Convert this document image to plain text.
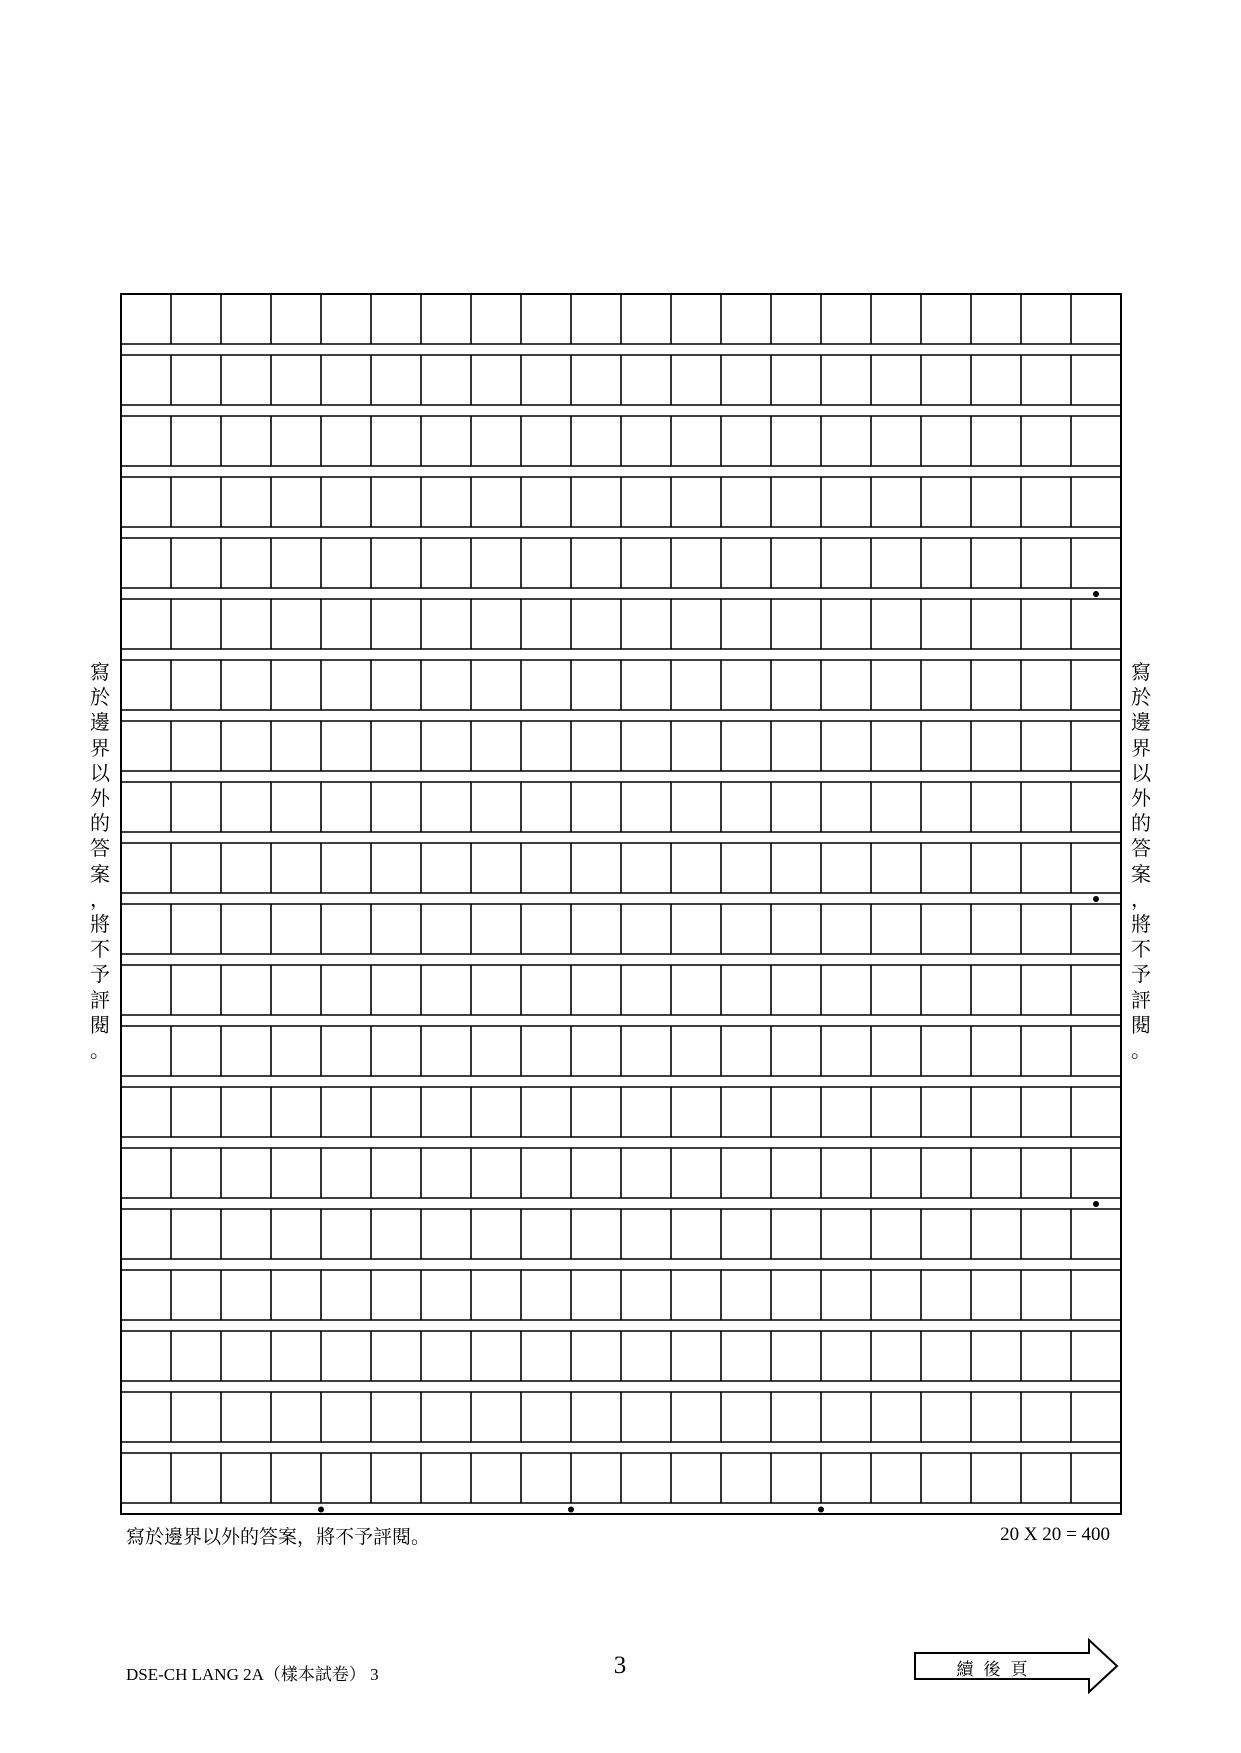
寫於邊界以外的答案，將不予評閱。
寫於邊界以外的答案，將不予評閱。
寫於邊界以外的答案，將不予評閱。	20 X 20 = 400
DSE-CH LANG 2A（樣本試卷） 3	3	續後頁
